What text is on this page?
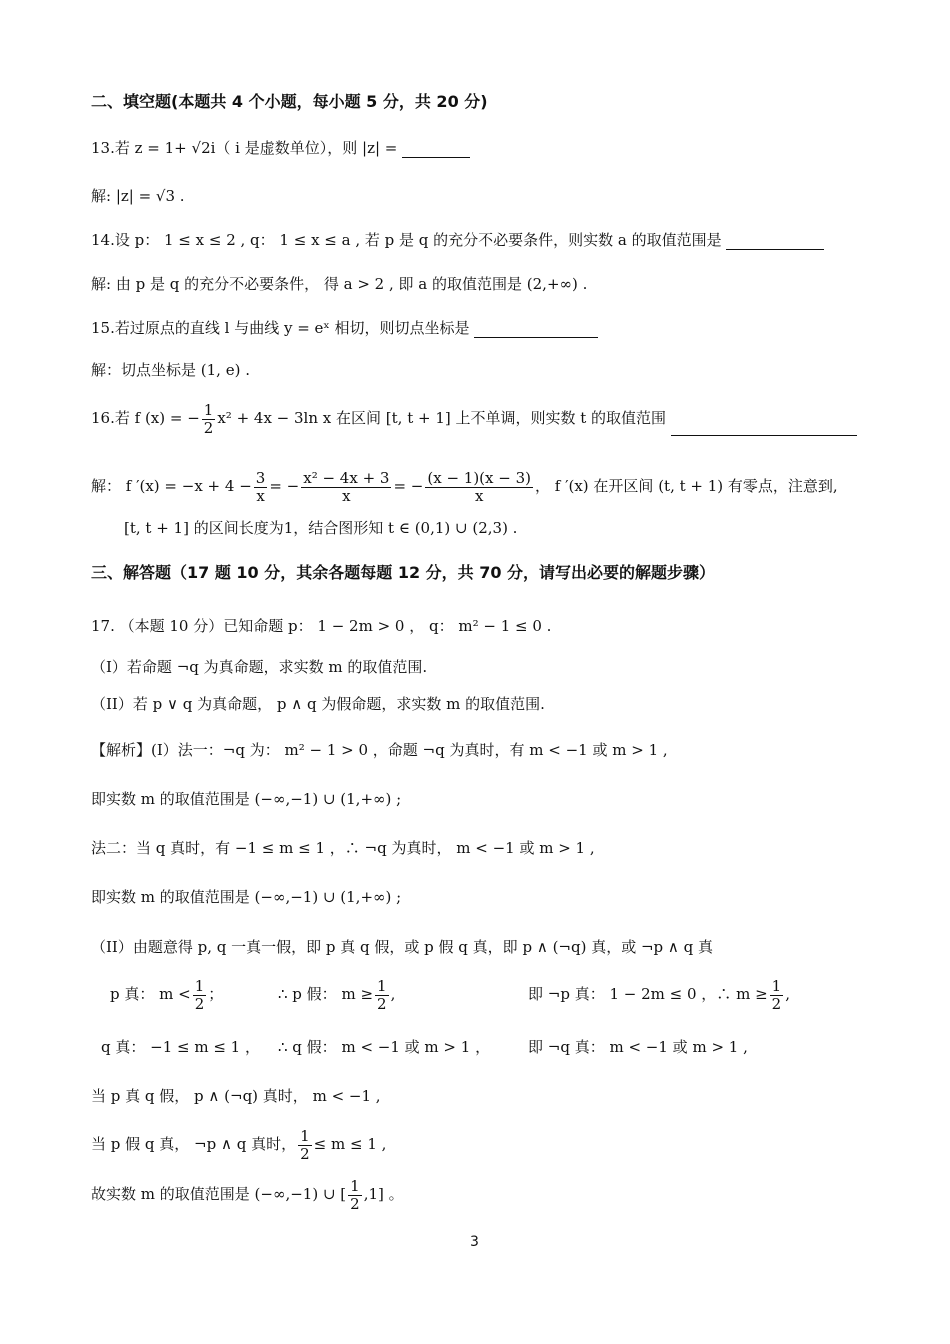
二、填空题(本题共 4 个小题，每小题 5 分，共 20 分)
13.若 z = 1+ √2i（ i 是虚数单位），则 |z| =
解: |z| = √3 .
14.设 p： 1 ≤ x ≤ 2 , q： 1 ≤ x ≤ a , 若 p 是 q 的充分不必要条件，则实数 a 的取值范围是
解: 由 p 是 q 的充分不必要条件， 得 a > 2 , 即 a 的取值范围是 (2,+∞) .
15.若过原点的直线 l 与曲线 y = eˣ 相切，则切点坐标是
解：切点坐标是 (1, e) .
16.若 f (x) = − $\frac{1}{2} x^2 + 4x - 3\ln$ x 在区间 [t, t + 1] 上不单调，则实数 t 的取值范围
解： f $'(x) = -x + 4 - \frac{3}{x}$ = − $\frac{\text{x² − 4x + 3}}{x}$ = − $\frac{(x - 1)(x - 3)}{x}$ ， f ′(x) 在开区间 (t, t + 1) 有零点，注意到,
[t, t + 1] 的区间长度为1，结合图形知 t ∈ (0,1) ∪ (2,3) .
三、解答题（17 题 10 分，其余各题每题 12 分，共 70 分，请写出必要的解题步骤）
17. （本题 10 分）已知命题 p： 1 − 2m > 0 ， q： m² − 1 ≤ 0 .
（I）若命题 ¬q 为真命题，求实数 m 的取值范围.
（II）若 p ∨ q 为真命题， p ∧ q 为假命题，求实数 m 的取值范围.
【解析】(I）法一：¬q 为： m² − 1 > 0 ，命题 ¬q 为真时，有 m < −1 或 m > 1 ,
即实数 m 的取值范围是 (−∞,−1) ∪ (1,+∞) ;
法二：当 q 真时，有 −1 ≤ m ≤ 1 ，∴ ¬q 为真时， m < −1 或 m > 1 ,
即实数 m 的取值范围是 (−∞,−1) ∪ (1,+∞) ;
（II）由题意得 p, q 一真一假，即 p 真 q 假，或 p 假 q 真，即 p ∧ (¬q) 真，或 ¬p ∧ q 真
p 真： $m < \frac{1}{2}$ ；	∴ p 假： $m \ge \frac{1}{2}$ ,	即 ¬p 真： 1 − 2m ≤ 0 ，∴ $m \ge \frac{1}{2}$ ,
q 真： −1 ≤ m ≤ 1 ， ∴ q 假： m < −1 或 m > 1 ，	即 ¬q 真： m < −1 或 m > 1 ,
当 p 真 q 假， p ∧ (¬q) 真时， m < −1 ,
当 p 假 q 真， ¬p ∧ q 真时， $\frac{1}{2} \le m \le 1$ ,
故实数 m 的取值范围是 (−∞,−1) ∪ [ $\frac{1}{2} ,1$] 。
3
